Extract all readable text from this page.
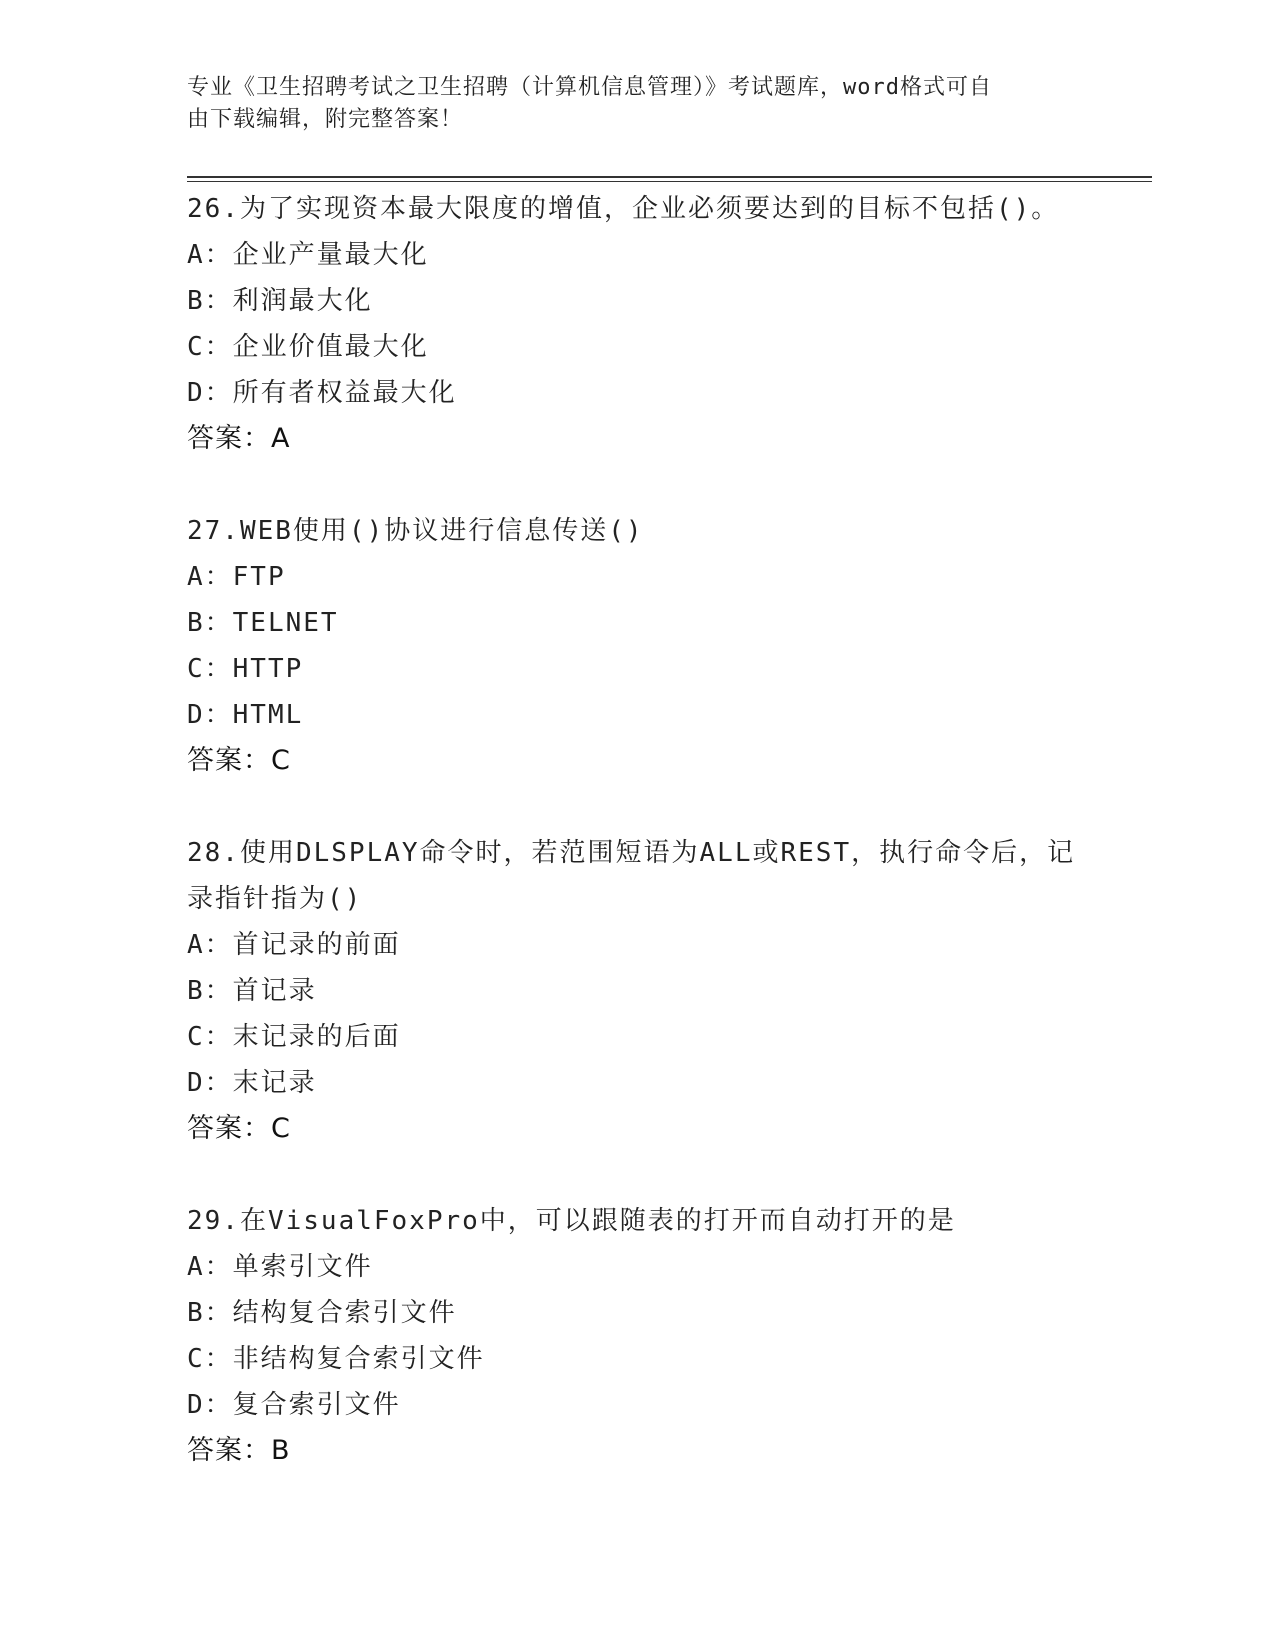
专业《卫生招聘考试之卫生招聘（计算机信息管理）》考试题库，word格式可自
由下载编辑，附完整答案！
26.为了实现资本最大限度的增值，企业必须要达到的目标不包括()。
A：企业产量最大化
B：利润最大化
C：企业价值最大化
D：所有者权益最大化
答案：A
27.WEB使用()协议进行信息传送()
A：FTP
B：TELNET
C：HTTP
D：HTML
答案：C
28.使用DLSPLAY命令时，若范围短语为ALL或REST，执行命令后，记
录指针指为()
A：首记录的前面
B：首记录
C：末记录的后面
D：末记录
答案：C
29.在VisualFoxPro中，可以跟随表的打开而自动打开的是
A：单索引文件
B：结构复合索引文件
C：非结构复合索引文件
D：复合索引文件
答案：B
